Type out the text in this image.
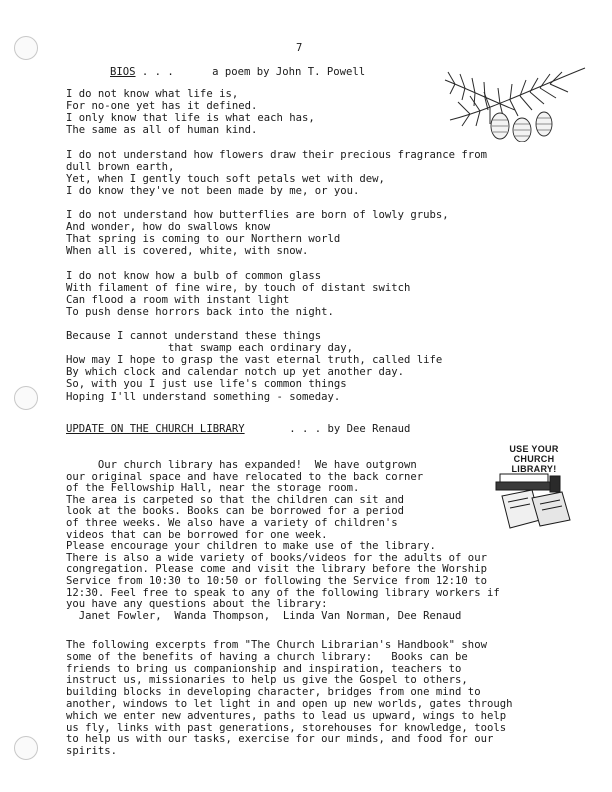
7
BIOS . . .	a poem by John T. Powell
I do not know what life is,
For no-one yet has it defined.
I only know that life is what each has,
The same as all of human kind.
I do not understand how flowers draw their precious fragrance from
dull brown earth,
Yet, when I gently touch soft petals wet with dew,
I do know they've not been made by me, or you.
I do not understand how butterflies are born of lowly grubs,
And wonder, how do swallows know
That spring is coming to our Northern world
When all is covered, white, with snow.
I do not know how a bulb of common glass
With filament of fine wire, by touch of distant switch
Can flood a room with instant light
To push dense horrors back into the night.
Because I cannot understand these things
that swamp each ordinary day,
How may I hope to grasp the vast eternal truth, called life
By which clock and calendar notch up yet another day.
So, with you I just use life's common things
Hoping I'll understand something - someday.
UPDATE ON THE CHURCH LIBRARY	. . . by Dee Renaud
USE YOUR
CHURCH
LIBRARY!
Our church library has expanded!  We have outgrown
our original space and have relocated to the back corner
of the Fellowship Hall, near the storage room.
The area is carpeted so that the children can sit and
look at the books. Books can be borrowed for a period
of three weeks. We also have a variety of children's
videos that can be borrowed for one week.
Please encourage your children to make use of the library.
There is also a wide variety of books/videos for the adults of our
congregation. Please come and visit the library before the Worship
Service from 10:30 to 10:50 or following the Service from 12:10 to
12:30. Feel free to speak to any of the following library workers if
you have any questions about the library:
Janet Fowler,  Wanda Thompson,  Linda Van Norman, Dee Renaud
The following excerpts from "The Church Librarian's Handbook" show
some of the benefits of having a church library:   Books can be
friends to bring us companionship and inspiration, teachers to
instruct us, missionaries to help us give the Gospel to others,
building blocks in developing character, bridges from one mind to
another, windows to let light in and open up new worlds, gates through
which we enter new adventures, paths to lead us upward, wings to help
us fly, links with past generations, storehouses for knowledge, tools
to help us with our tasks, exercise for our minds, and food for our
spirits.
